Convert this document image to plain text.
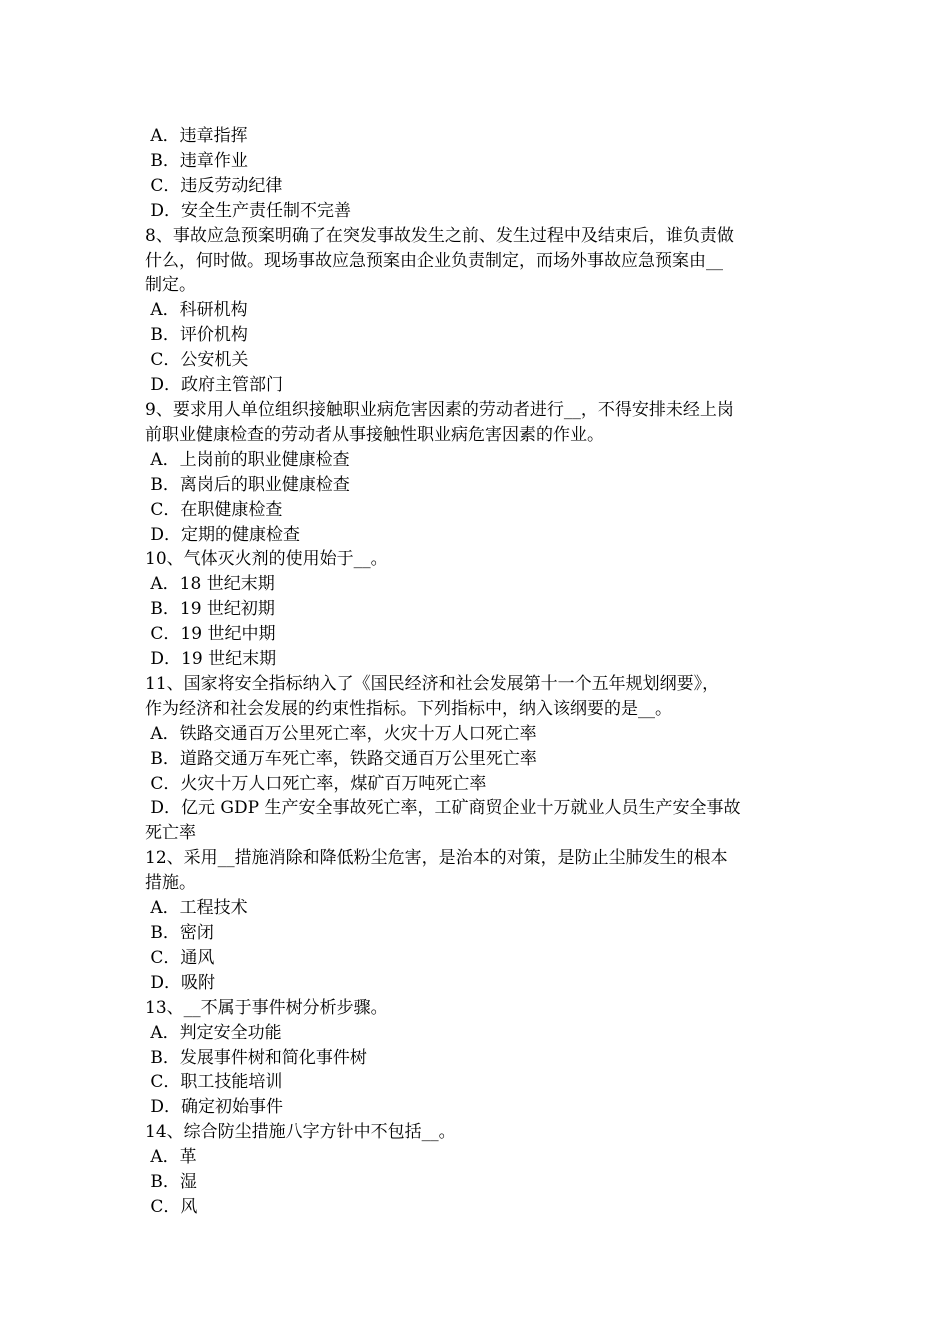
A．违章指挥
B．违章作业
C．违反劳动纪律
D．安全生产责任制不完善
8、事故应急预案明确了在突发事故发生之前、发生过程中及结束后，谁负责做
什么，何时做。现场事故应急预案由企业负责制定，而场外事故应急预案由__
制定。
A．科研机构
B．评价机构
C．公安机关
D．政府主管部门
9、要求用人单位组织接触职业病危害因素的劳动者进行__，不得安排未经上岗
前职业健康检查的劳动者从事接触性职业病危害因素的作业。
A．上岗前的职业健康检查
B．离岗后的职业健康检查
C．在职健康检查
D．定期的健康检查
10、气体灭火剂的使用始于__。
A．18 世纪末期
B．19 世纪初期
C．19 世纪中期
D．19 世纪末期
11、国家将安全指标纳入了《国民经济和社会发展第十一个五年规划纲要》，
作为经济和社会发展的约束性指标。下列指标中，纳入该纲要的是__。
A．铁路交通百万公里死亡率，火灾十万人口死亡率
B．道路交通万车死亡率，铁路交通百万公里死亡率
C．火灾十万人口死亡率，煤矿百万吨死亡率
D．亿元 GDP 生产安全事故死亡率，工矿商贸企业十万就业人员生产安全事故
死亡率
12、采用__措施消除和降低粉尘危害，是治本的对策，是防止尘肺发生的根本
措施。
A．工程技术
B．密闭
C．通风
D．吸附
13、__不属于事件树分析步骤。
A．判定安全功能
B．发展事件树和简化事件树
C．职工技能培训
D．确定初始事件
14、综合防尘措施八字方针中不包括__。
A．革
B．湿
C．风
